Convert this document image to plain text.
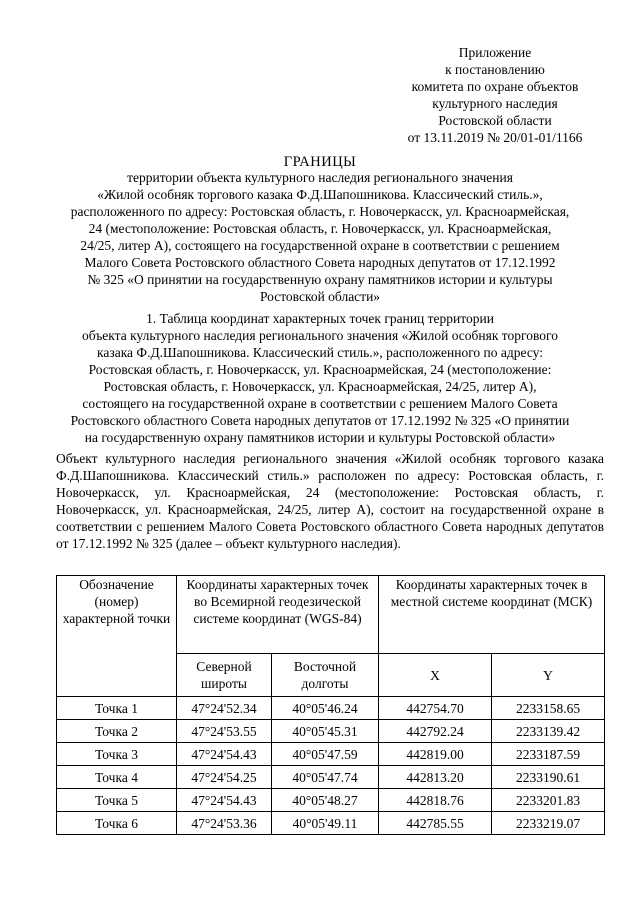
Приложение
к постановлению
комитета по охране объектов
культурного наследия
Ростовской области
от 13.11.2019 № 20/01-01/1166
ГРАНИЦЫ
территории объекта культурного наследия регионального значения
«Жилой особняк торгового казака Ф.Д.Шапошникова. Классический стиль.»,
расположенного по адресу: Ростовская область, г. Новочеркасск, ул. Красноармейская,
24 (местоположение: Ростовская область, г. Новочеркасск, ул. Красноармейская,
24/25, литер А), состоящего на государственной охране в соответствии с решением
Малого Совета Ростовского областного Совета народных депутатов от 17.12.1992
№ 325 «О принятии на государственную охрану памятников истории и культуры
Ростовской области»
1. Таблица координат характерных точек границ территории
объекта культурного наследия регионального значения «Жилой особняк торгового
казака Ф.Д.Шапошникова. Классический стиль.», расположенного по адресу:
Ростовская область, г. Новочеркасск, ул. Красноармейская, 24 (местоположение:
Ростовская область, г. Новочеркасск, ул. Красноармейская, 24/25, литер А),
состоящего на государственной охране в соответствии с решением Малого Совета
Ростовского областного Совета народных депутатов от 17.12.1992 № 325 «О принятии
на государственную охрану памятников истории и культуры Ростовской области»

Объект культурного наследия регионального значения «Жилой особняк торгового казака Ф.Д.Шапошникова. Классический стиль.» расположен по адресу: Ростовская область, г. Новочеркасск, ул. Красноармейская, 24 (местоположение: Ростовская область, г. Новочеркасск, ул. Красноармейская, 24/25, литер А), состоит на государственной охране в соответствии с решением Малого Совета Ростовского областного Совета народных депутатов от 17.12.1992 № 325 (далее – объект культурного наследия).

Обозначение (номер) характерной точки	Координаты характерных точек во Всемирной геодезической системе координат (WGS-84)		Координаты характерных точек в местной системе координат (МСК)	
	Северной широты	Восточной долготы	X	Y
Точка 1	47°24'52.34	40°05'46.24	442754.70	2233158.65
Точка 2	47°24'53.55	40°05'45.31	442792.24	2233139.42
Точка 3	47°24'54.43	40°05'47.59	442819.00	2233187.59
Точка 4	47°24'54.25	40°05'47.74	442813.20	2233190.61
Точка 5	47°24'54.43	40°05'48.27	442818.76	2233201.83
Точка 6	47°24'53.36	40°05'49.11	442785.55	2233219.07
